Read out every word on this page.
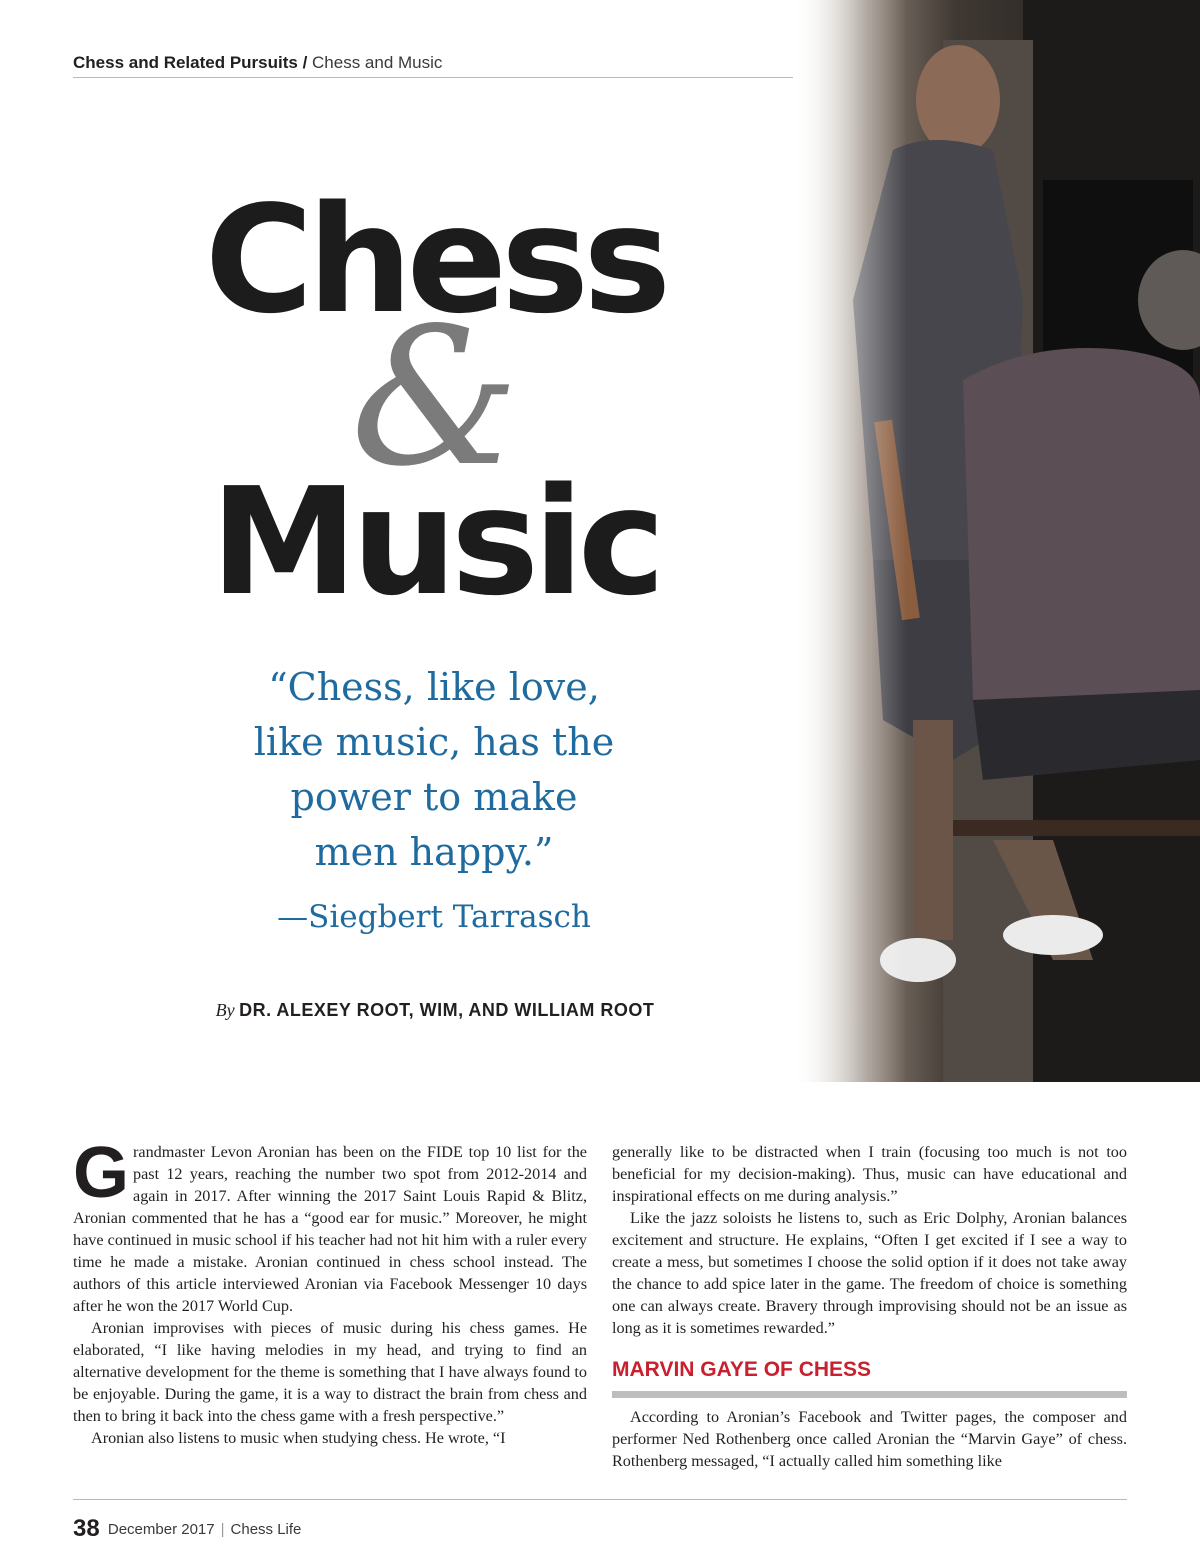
Chess and Related Pursuits / Chess and Music
Chess
&
Music
“Chess, like love,
like music, has the
power to make
men happy.”
—Siegbert Tarrasch
By DR. ALEXEY ROOT, WIM, AND WILLIAM ROOT

Grandmaster Levon Aronian has been on the FIDE top 10 list for the past 12 years, reaching the number two spot from 2012-2014 and again in 2017. After winning the 2017 Saint Louis Rapid & Blitz, Aronian commented that he has a “good ear for music.” Moreover, he might have continued in music school if his teacher had not hit him with a ruler every time he made a mistake. Aronian continued in chess school instead. The authors of this article interviewed Aronian via Facebook Messenger 10 days after he won the 2017 World Cup.

Aronian improvises with pieces of music during his chess games. He elaborated, “I like having melodies in my head, and trying to find an alternative development for the theme is something that I have always found to be enjoyable. During the game, it is a way to distract the brain from chess and then to bring it back into the chess game with a fresh perspective.”

Aronian also listens to music when studying chess. He wrote, “I

generally like to be distracted when I train (focusing too much is not too beneficial for my decision-making). Thus, music can have educational and inspirational effects on me during analysis.”

Like the jazz soloists he listens to, such as Eric Dolphy, Aronian balances excitement and structure. He explains, “Often I get excited if I see a way to create a mess, but sometimes I choose the solid option if it does not take away the chance to add spice later in the game. The freedom of choice is something one can always create. Bravery through improvising should not be an issue as long as it is sometimes rewarded.”

MARVIN GAYE OF CHESS

According to Aronian’s Facebook and Twitter pages, the composer and performer Ned Rothenberg once called Aronian the “Marvin Gaye” of chess. Rothenberg messaged, “I actually called him something like

38 December 2017 | Chess Life
